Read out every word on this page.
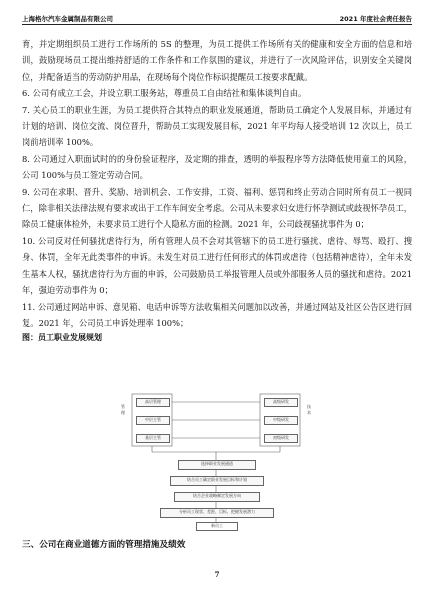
上海格尔汽车金属制品有限公司	2021 年度社会责任报告

育，并定期组织员工进行工作场所的 5S 的整理，为员工提供工作场所有关的健康和安全方面的信息和培训，鼓励现场员工提出维持舒适的工作条件和工作氛围的建议，并进行了一次风险评估，识别安全关键岗位，并配备适当的劳动防护用品，在现场每个岗位作标识提醒员工按要求配戴。

6. 公司有成立工会，并设立职工服务站，尊重员工自由结社和集体谈判自由。

7. 关心员工的职业生涯，为员工提供符合其特点的职业发展通道，帮助员工确定个人发展目标，并通过有计划的培训、岗位交流、岗位晋升，帮助员工实现发展目标，2021 年平均每人接受培训 12 次以上，员工岗前培训率 100%。

8. 公司通过入职面试时的的身份验证程序，及定期的排查，透明的举报程序等方法降低使用童工的风险，公司 100%与员工签定劳动合同。

9. 公司在求职、晋升、奖励、培训机会、工作安排，工资、福利、惩罚和终止劳动合同时所有员工一视同仁，除非相关法律法规有要求或出于工作车间安全考虑。公司从未要求妇女进行怀孕测试或歧视怀孕员工，除员工健康体检外，未要求员工进行个人隐私方面的检测。2021 年，公司歧视骚扰事件为 0；

10. 公司反对任何骚扰虐待行为，所有管理人员不会对其管辖下的员工进行骚扰、虐待、辱骂、殴打、搜身、体罚，全年无此类事件的申诉。未发生对员工进行任何形式的体罚或虐待（包括精神虐待），全年未发生基本人权，骚扰虐待行为方面的申诉，公司鼓励员工举报管理人员或外部服务人员的骚扰和虐待。2021 年，强迫劳动事件为 0；

11. 公司通过网站申诉、意见箱、电话申诉等方法收集相关问题加以改善，并通过网站及社区公告区进行回复。2021 年，公司员工申诉处理率 100%；

图：员工职业发展规划

管理
技术
高层管理
中层主管
基层主管
高级研发
中级研发
初级研发
选择职业发展通道
结合员工确定职业发展目标和计划
结合企业战略制定发展方向
分析员工现状、差距、目标，把握发展潜力
新员工

三、公司在商业道德方面的管理措施及绩效

7
